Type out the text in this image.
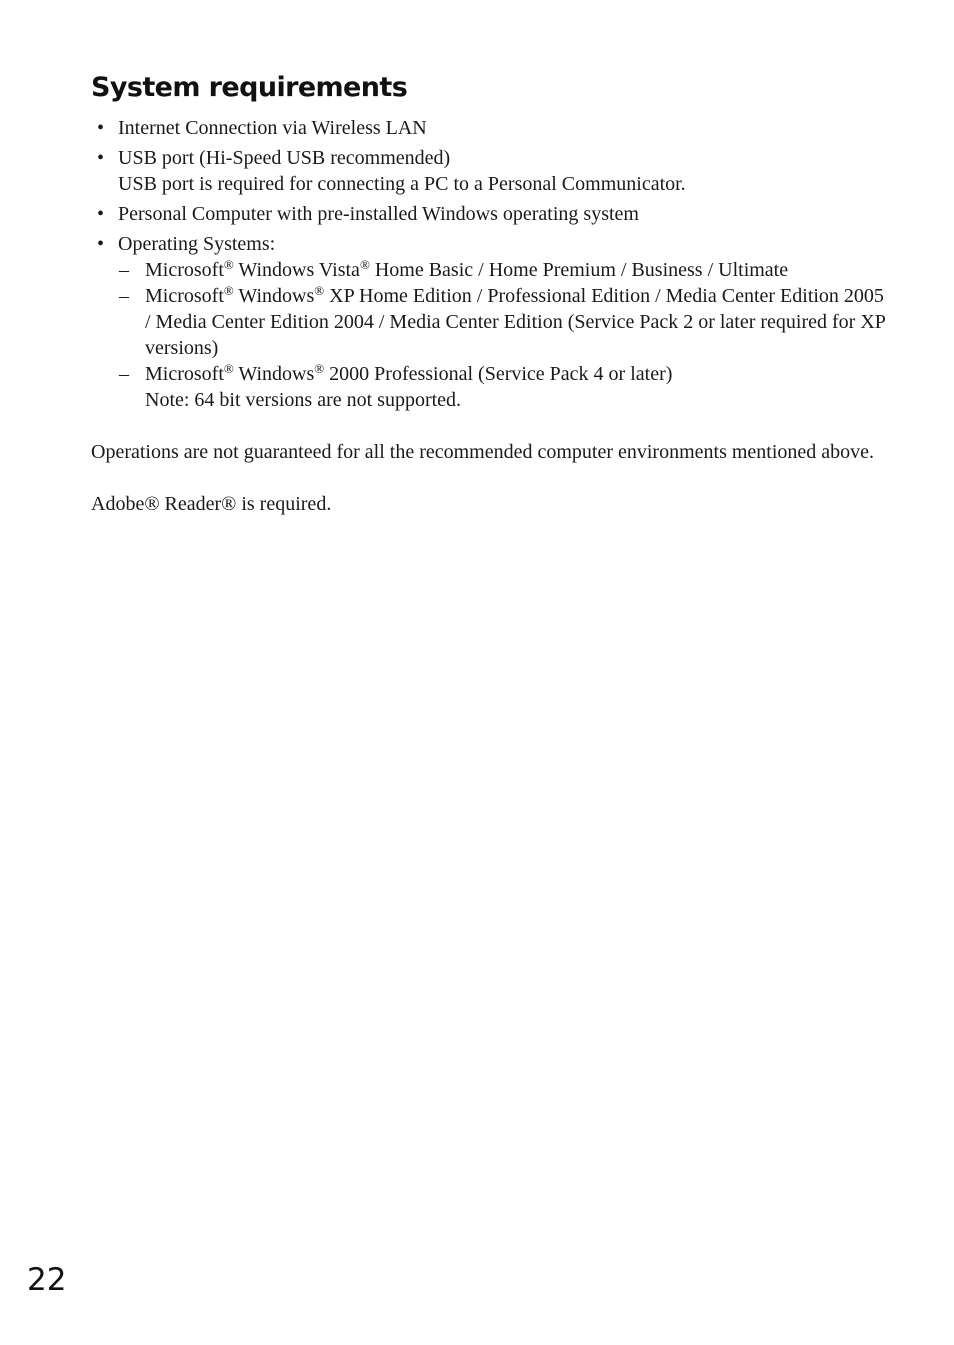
System requirements
• Internet Connection via Wireless LAN
• USB port (Hi-Speed USB recommended)
USB port is required for connecting a PC to a Personal Communicator.
• Personal Computer with pre-installed Windows operating system
• Operating Systems:
– Microsoft® Windows Vista® Home Basic / Home Premium / Business / Ultimate
– Microsoft® Windows® XP Home Edition / Professional Edition / Media Center Edition 2005 / Media Center Edition 2004 / Media Center Edition (Service Pack 2 or later required for XP versions)
– Microsoft® Windows® 2000 Professional (Service Pack 4 or later)
Note: 64 bit versions are not supported.

Operations are not guaranteed for all the recommended computer environments mentioned above.

Adobe® Reader® is required.

22
